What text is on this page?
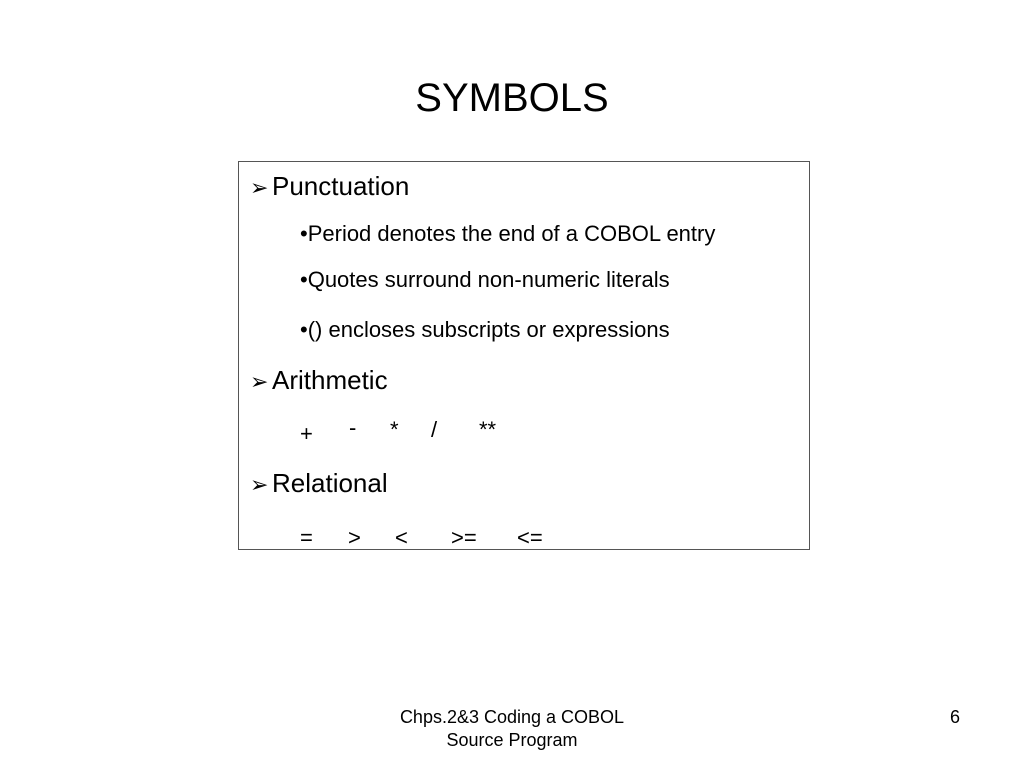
SYMBOLS
➢ Punctuation
•Period denotes the end of a COBOL entry
•Quotes surround non-numeric literals
•() encloses subscripts or expressions
➢ Arithmetic
+ - * / **
➢ Relational
= > < >= <=
Chps.2&3 Coding a COBOL
Source Program
6
